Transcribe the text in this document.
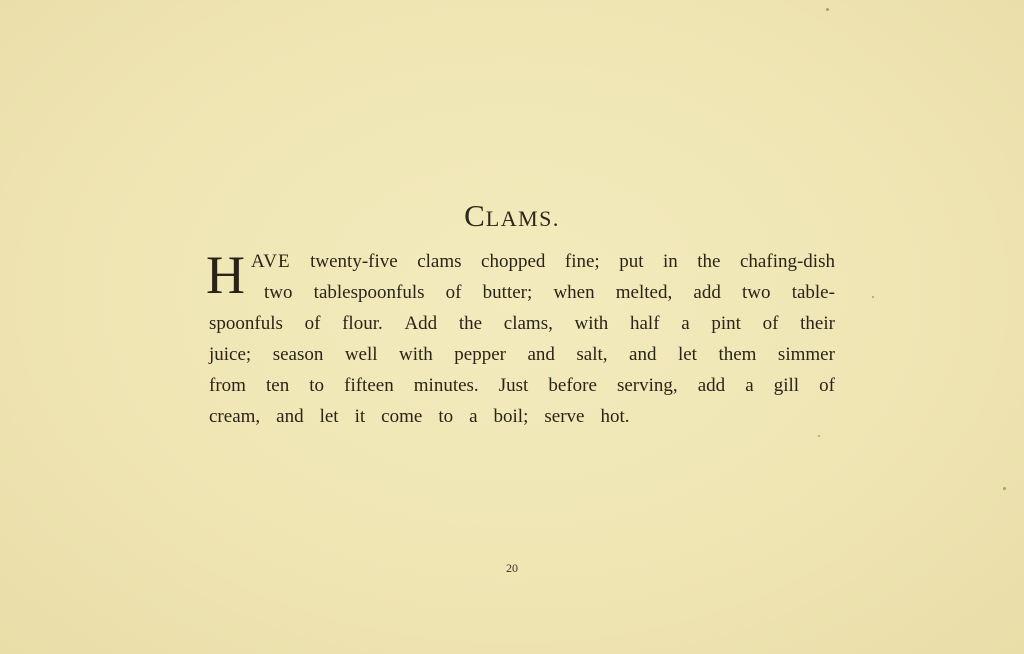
CLAMS.
H AVE twenty-five clams chopped fine; put in the chafing-dish
two tablespoonfuls of butter; when melted, add two table-
spoonfuls of flour. Add the clams, with half a pint of their
juice; season well with pepper and salt, and let them simmer
from ten to fifteen minutes. Just before serving, add a gill of
cream, and let it come to a boil; serve hot.
20
